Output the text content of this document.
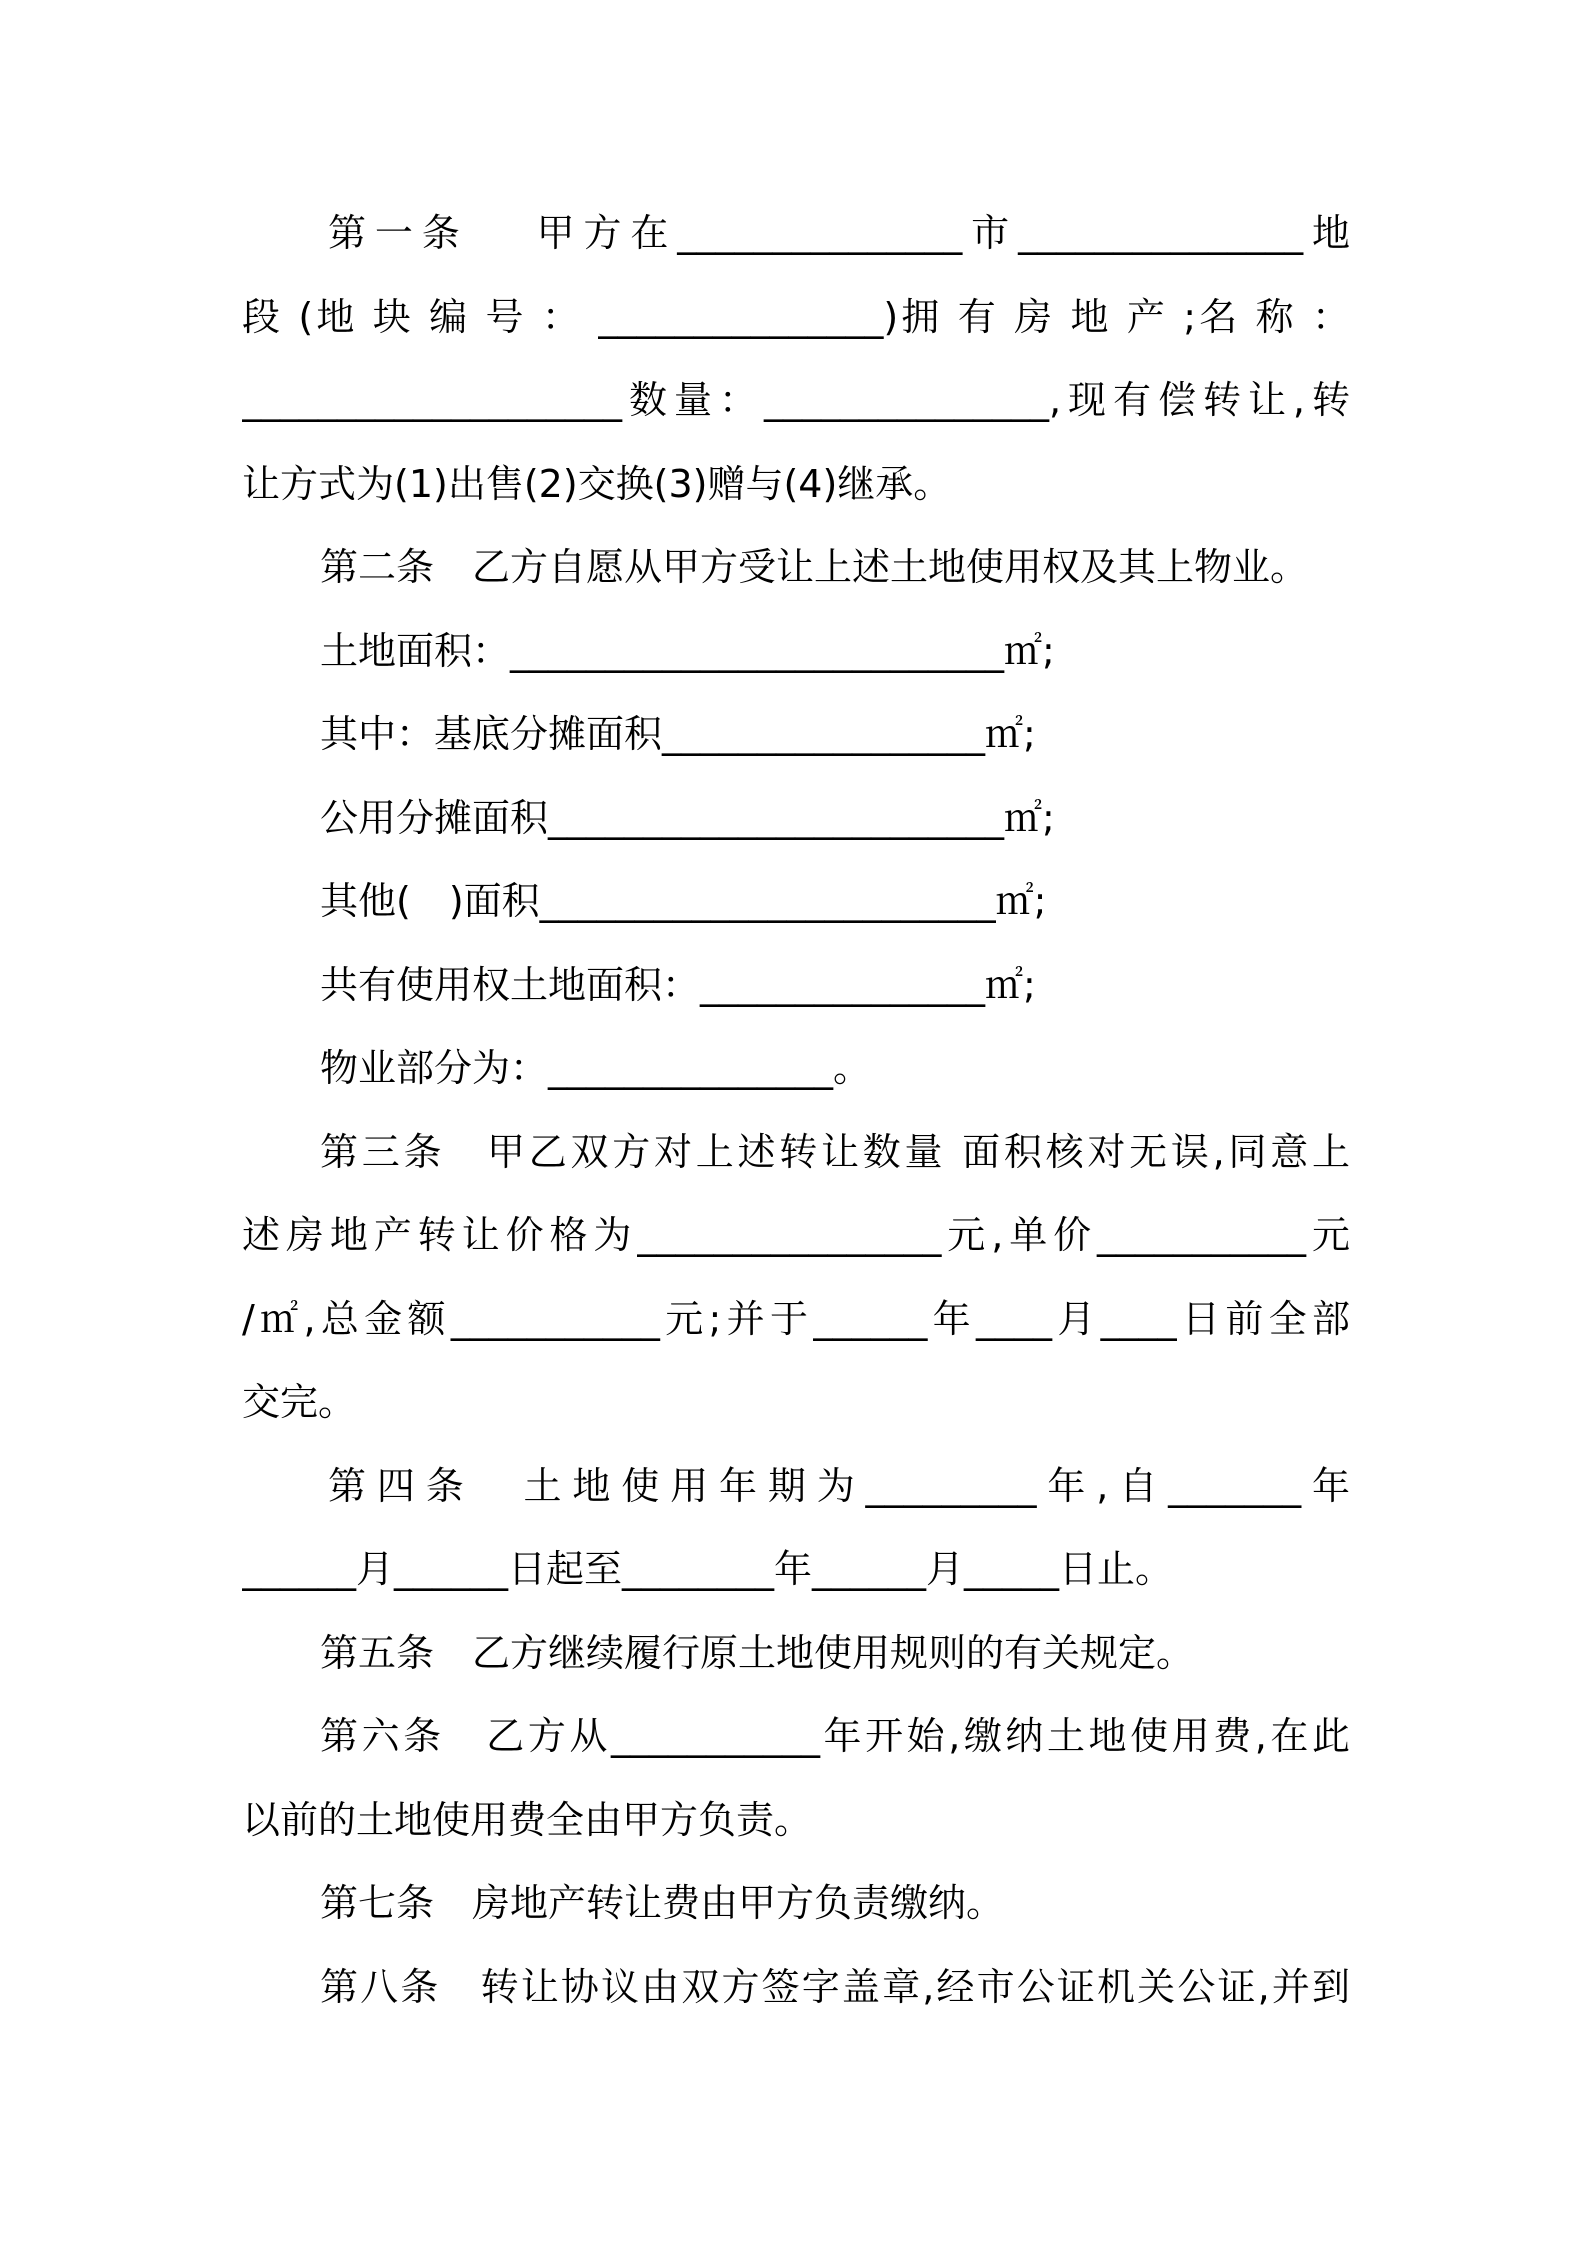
第一条　 甲方在_______________市_______________地
段 (地 块 编 号 ： _______________)拥 有 房 地 产 ;名 称 ：
____________________数量：_______________,现有偿转让,转
让方式为(1)出售(2)交换(3)赠与(4)继承。
第二条　乙方自愿从甲方受让上述土地使用权及其上物业。
土地面积：__________________________㎡;
其中：基底分摊面积_________________㎡;
公用分摊面积________________________㎡;
其他(　)面积________________________㎡;
共有使用权土地面积：_______________㎡;
物业部分为：_______________。
第三条　甲乙双方对上述转让数量 面积核对无误,同意上
述房地产转让价格为________________元,单价___________元
/㎡,总金额___________元;并于______年____月____日前全部
交完。
第四条　土地使用年期为_________年,自_______年
______月______日起至________年______月_____日止。
第五条　乙方继续履行原土地使用规则的有关规定。
第六条　乙方从___________年开始,缴纳土地使用费,在此
以前的土地使用费全由甲方负责。
第七条　房地产转让费由甲方负责缴纳。
第八条　转让协议由双方签字盖章,经市公证机关公证,并到
